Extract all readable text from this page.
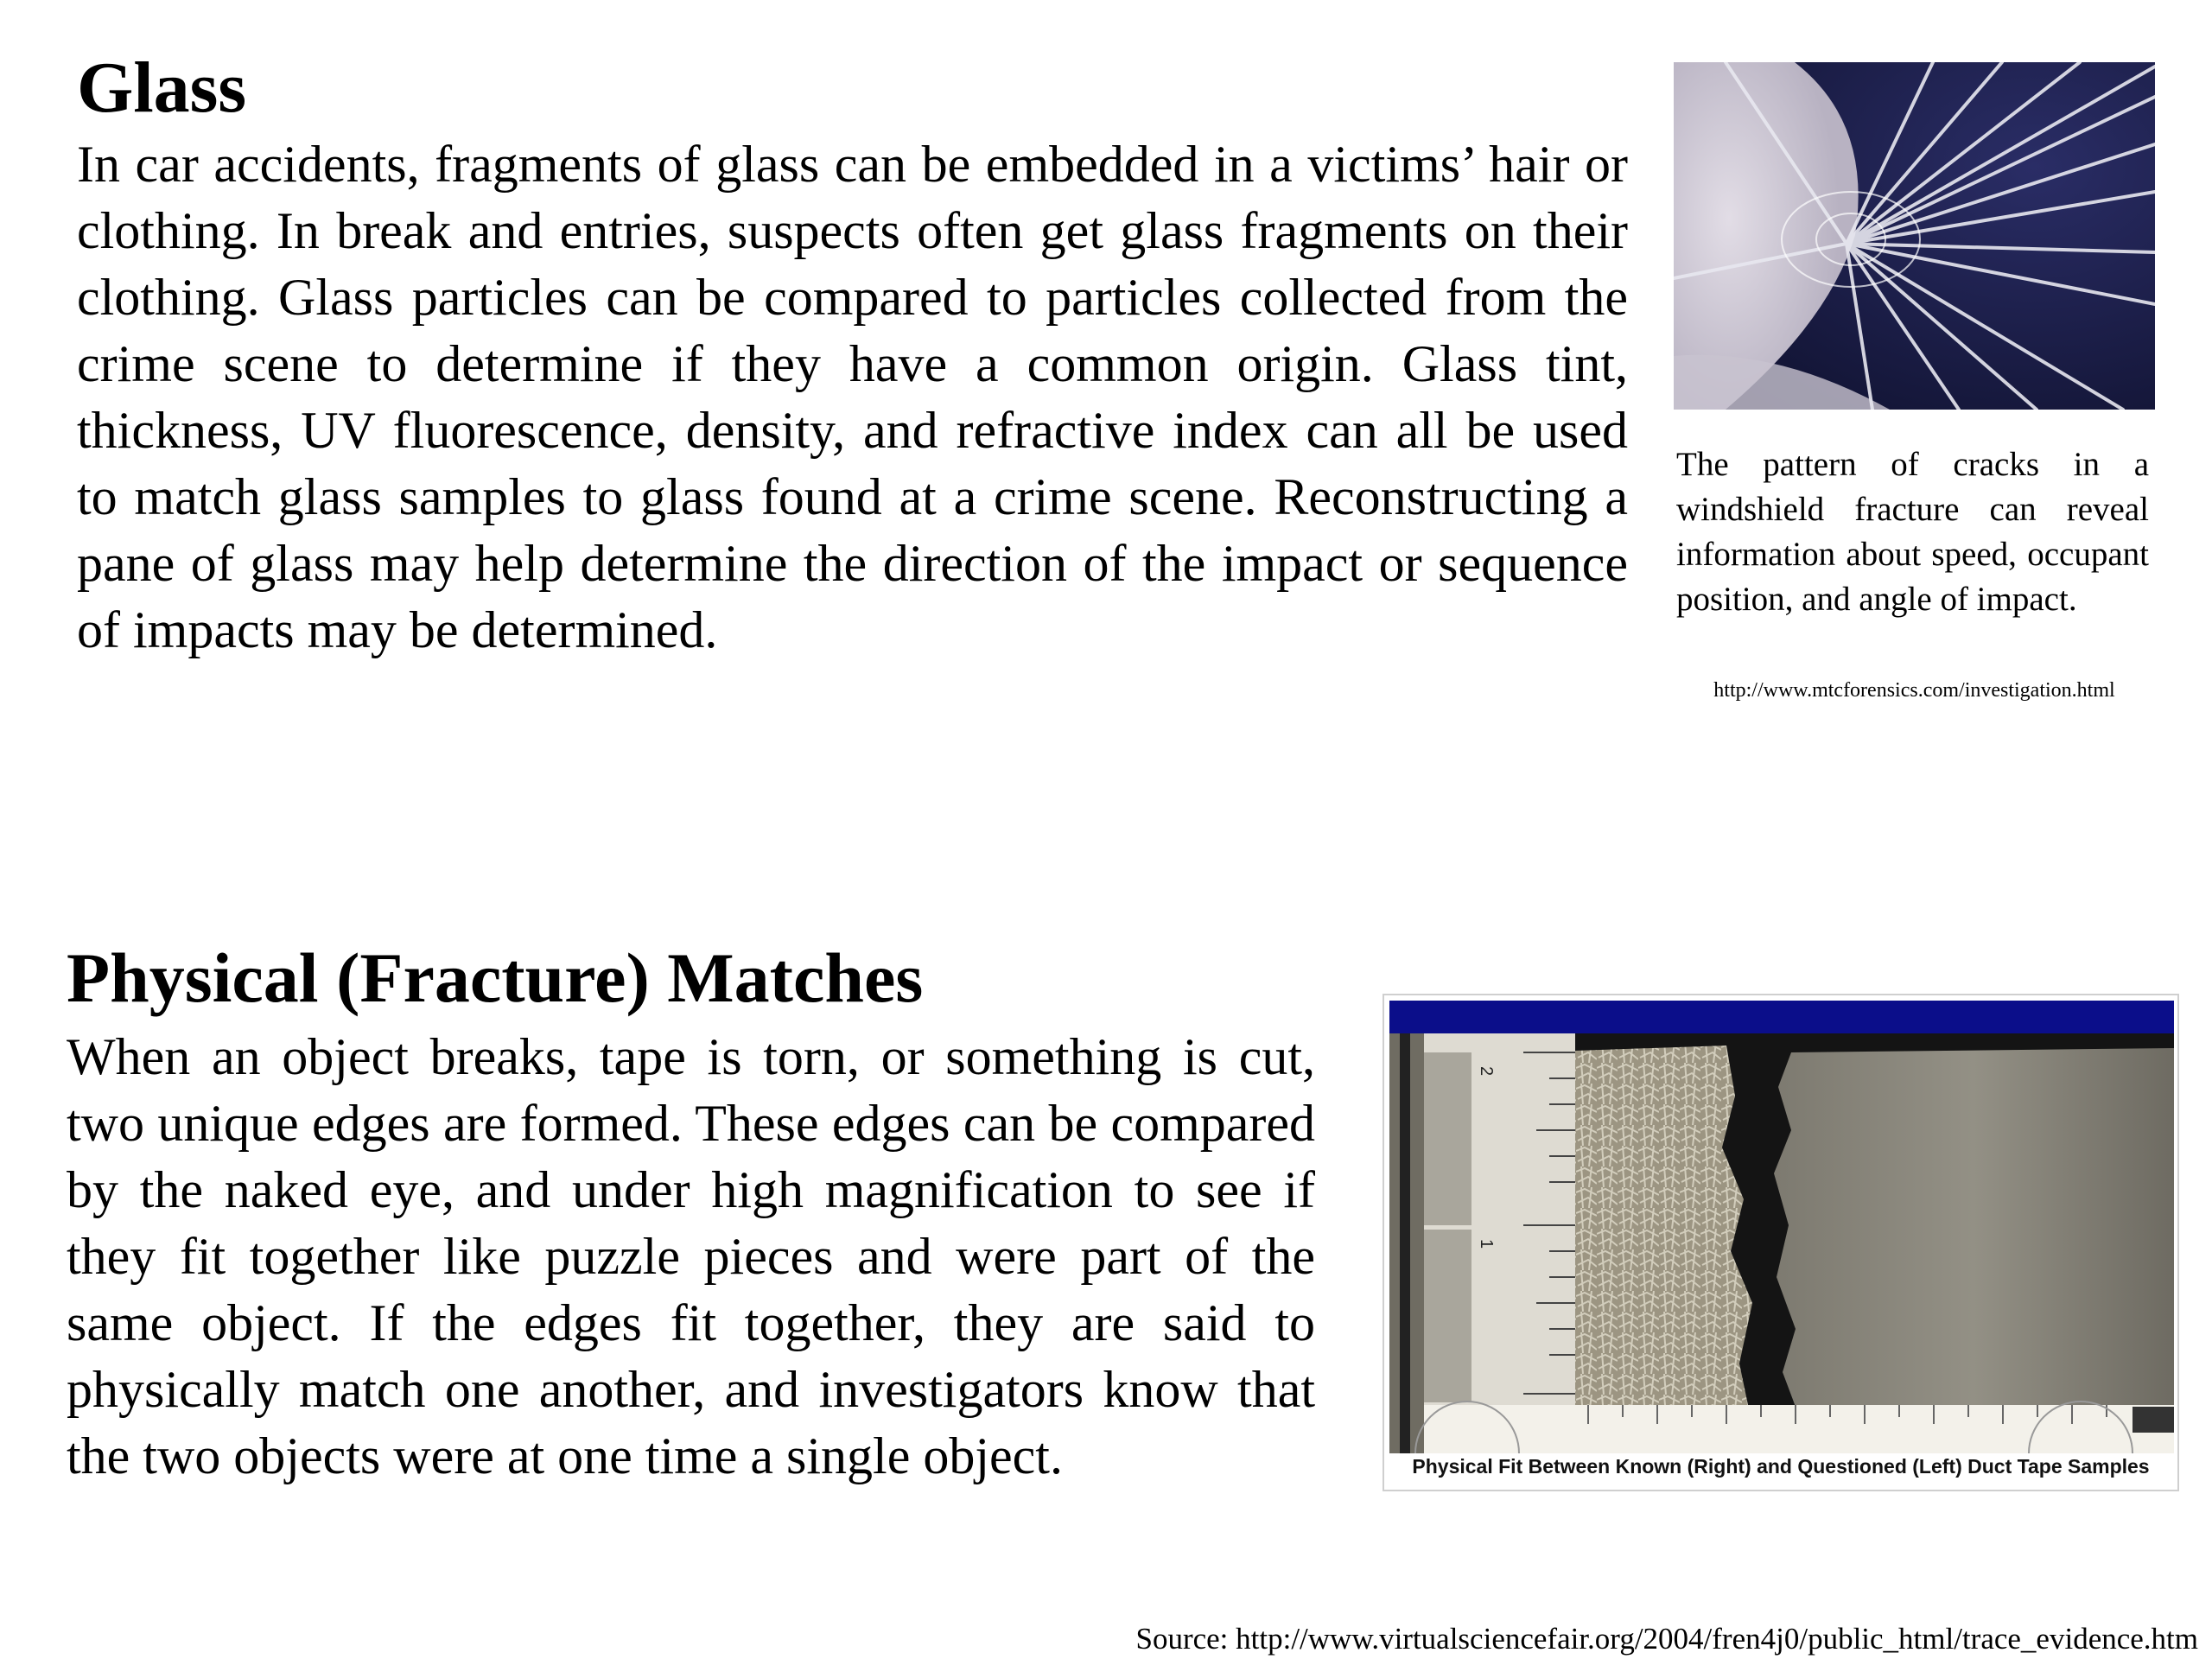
Glass

In car accidents, fragments of glass can be embedded in a victims’ hair or clothing. In break and entries, suspects often get glass fragments on their clothing. Glass particles can be compared to particles collected from the crime scene to determine if they have a common origin. Glass tint, thickness, UV fluorescence, density, and refractive index can all be used to match glass samples to glass found at a crime scene. Reconstructing a pane of glass may help determine the direction of the impact or sequence of impacts may be determined.

The pattern of cracks in a windshield fracture can reveal information about speed, occupant position, and angle of impact.

http://www.mtcforensics.com/investigation.html
Physical (Fracture) Matches

When an object breaks, tape is torn, or something is cut, two unique edges are formed. These edges can be compared by the naked eye, and under high magnification to see if they fit together like puzzle pieces and were part of the same object. If the edges fit together, they are said to physically match one another, and investigators know that the two objects were at one time a single object.

2
1
Physical Fit Between Known (Right) and Questioned (Left) Duct Tape Samples
Source: http://www.virtualsciencefair.org/2004/fren4j0/public_html/trace_evidence.htm
